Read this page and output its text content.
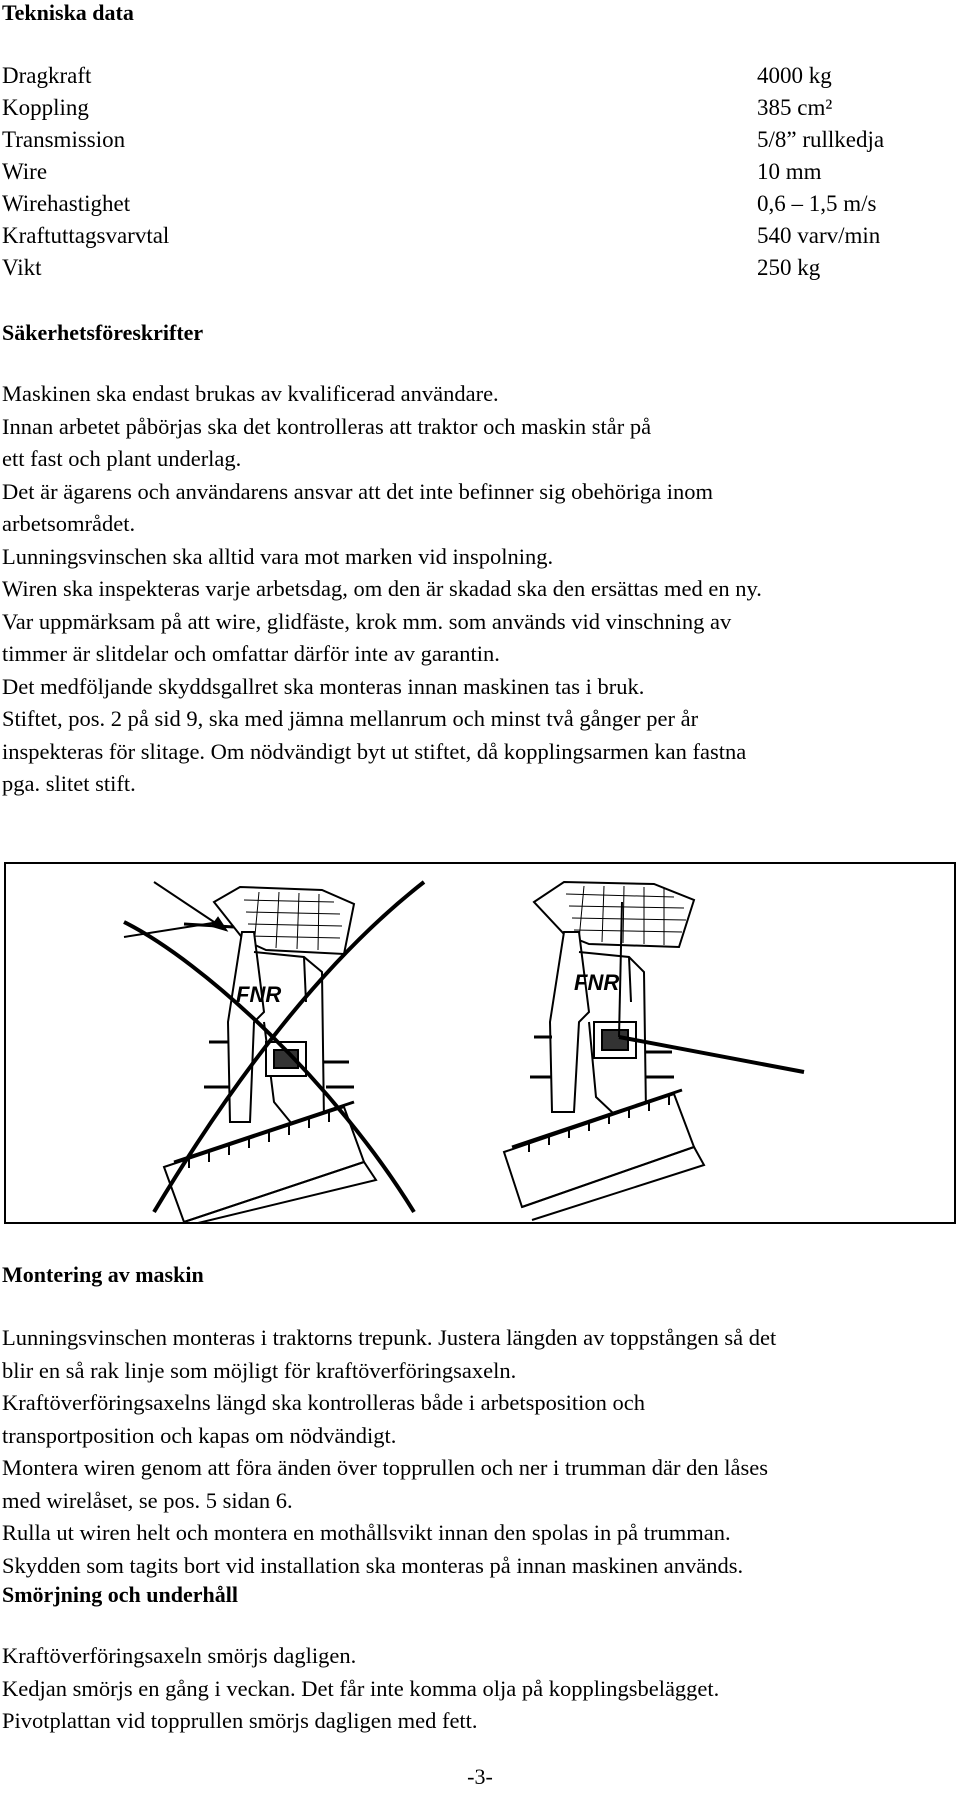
Tekniska data
Dragkraft	4000 kg
Koppling	385 cm²
Transmission	5/8” rullkedja
Wire	10 mm
Wirehastighet	0,6 – 1,5 m/s
Kraftuttagsvarvtal	540 varv/min
Vikt	250 kg
Säkerhetsföreskrifter
Maskinen ska endast brukas av kvalificerad användare.
Innan arbetet påbörjas ska det kontrolleras att traktor och maskin står på
ett fast och plant underlag.
Det är ägarens och användarens ansvar att det inte befinner sig obehöriga inom
arbetsområdet.
Lunningsvinschen ska alltid vara mot marken vid inspolning.
Wiren ska inspekteras varje arbetsdag, om den är skadad ska den ersättas med en ny.
Var uppmärksam på att wire, glidfäste, krok mm. som används vid vinschning av
timmer är slitdelar och omfattar därför inte av garantin.
Det medföljande skyddsgallret ska monteras innan maskinen tas i bruk.
Stiftet, pos. 2 på sid 9, ska med jämna mellanrum och minst två gånger per år
inspekteras för slitage. Om nödvändigt byt ut stiftet, då kopplingsarmen kan fastna
pga. slitet stift.
FNR	FNR
Montering av maskin
Lunningsvinschen monteras i traktorns trepunk. Justera längden av toppstången så det
blir en så rak linje som möjligt för kraftöverföringsaxeln.
Kraftöverföringsaxelns längd ska kontrolleras både i arbetsposition och
transportposition och kapas om nödvändigt.
Montera wiren genom att föra änden över topprullen och ner i trumman där den låses
med wirelåset, se pos. 5 sidan 6.
Rulla ut wiren helt och montera en mothållsvikt innan den spolas in på trumman.
Skydden som tagits bort vid installation ska monteras på innan maskinen används.
Smörjning och underhåll
Kraftöverföringsaxeln smörjs dagligen.
Kedjan smörjs en gång i veckan. Det får inte komma olja på kopplingsbelägget.
Pivotplattan vid topprullen smörjs dagligen med fett.
-3-
